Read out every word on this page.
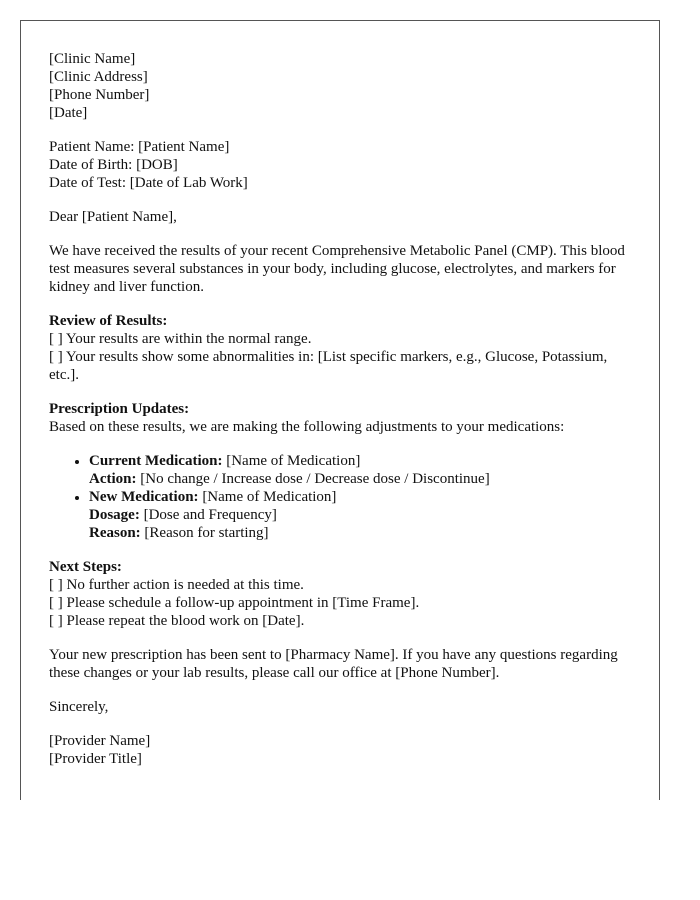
[Clinic Name]
[Clinic Address]
[Phone Number]
[Date]
Patient Name: [Patient Name]
Date of Birth: [DOB]
Date of Test: [Date of Lab Work]
Dear [Patient Name],
We have received the results of your recent Comprehensive Metabolic Panel (CMP). This blood test measures several substances in your body, including glucose, electrolytes, and markers for kidney and liver function.
Review of Results:
[ ] Your results are within the normal range.
[ ] Your results show some abnormalities in: [List specific markers, e.g., Glucose, Potassium, etc.].
Prescription Updates:
Based on these results, we are making the following adjustments to your medications:
• Current Medication: [Name of Medication]
Action: [No change / Increase dose / Decrease dose / Discontinue]
• New Medication: [Name of Medication]
Dosage: [Dose and Frequency]
Reason: [Reason for starting]
Next Steps:
[ ] No further action is needed at this time.
[ ] Please schedule a follow-up appointment in [Time Frame].
[ ] Please repeat the blood work on [Date].
Your new prescription has been sent to [Pharmacy Name]. If you have any questions regarding these changes or your lab results, please call our office at [Phone Number].
Sincerely,
[Provider Name]
[Provider Title]
